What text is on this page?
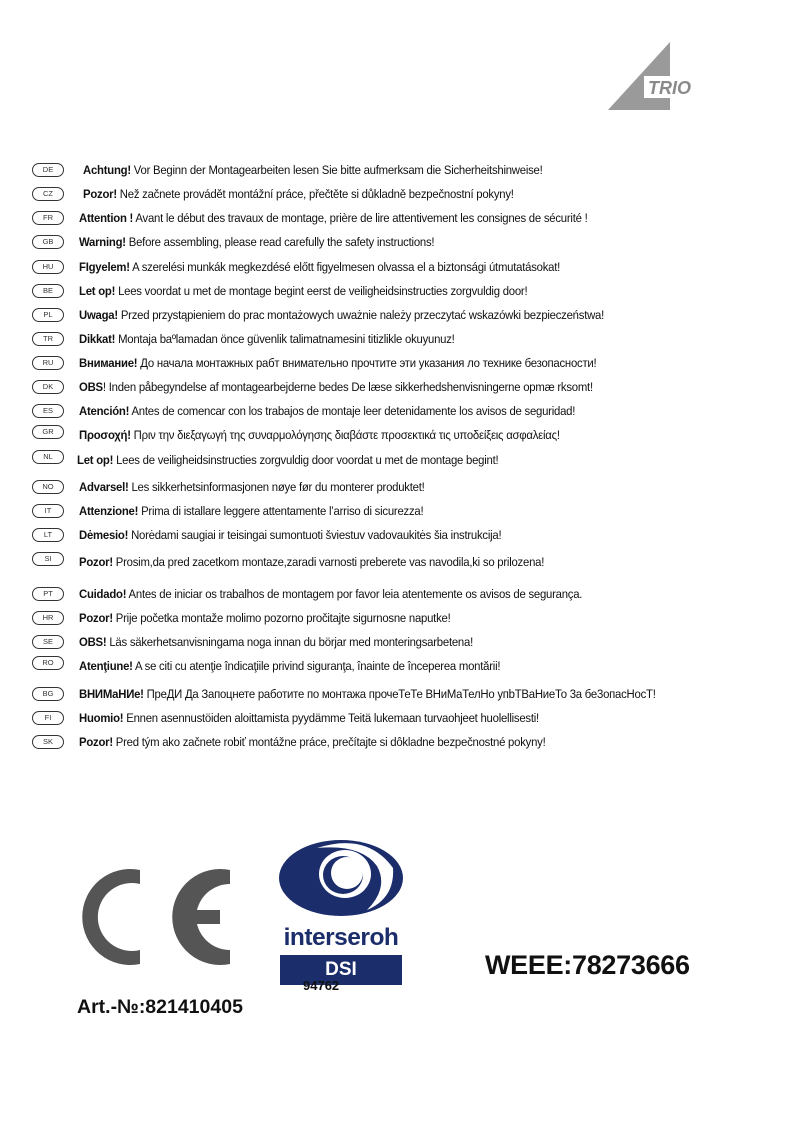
TRIO
DE	Achtung! Vor Beginn der Montagearbeiten lesen Sie bitte aufmerksam die Sicherheitshinweise!
CZ	Pozor! Než začnete provádět montážní práce, přečtěte si důkladně bezpečnostní pokyny!
FR	Attention ! Avant le début des travaux de montage, prière de lire attentivement les consignes de sécurité !
GB	Warning! Before assembling, please read carefully the safety instructions!
HU	FIgyelem! A szerelési munkák megkezdésé előtt figyelmesen olvassa el a biztonsági útmutatásokat!
BE	Let op! Lees voordat u met de montage begint eerst de veiligheidsinstructies zorgvuldig door!
PL	Uwaga! Przed przystąpieniem do prac montażowych uważnie należy przeczytać wskazówki bezpieczeństwa!
TR	Dikkat! Montaja baºlamadan önce güvenlik talimatnamesini titizlikle okuyunuz!
RU	Внимание! До начала монтажных рабт внимательно прочтите эти указания ло технике безопасности!
DK	OBS! Inden påbegyndelse af montagearbejderne bedes De læse sikkerhedshenvisningerne opmæ rksomt!
ES	Atención! Antes de comencar con los trabajos de montaje leer detenidamente los avisos de seguridad!
GR	Προσοχή! Πριν την διεξαγωγή της συναρμολόγησης διαβάστε προσεκτικά τις υποδείξεις ασφαλείας!
NL	Let op! Lees de veiligheidsinstructies zorgvuldig door voordat u met de montage begint!
NO	Advarsel! Les sikkerhetsinformasjonen nøye før du monterer produktet!
IT	Attenzione! Prima di istallare leggere attentamente l’arriso di sicurezza!
LT	Dėmesio! Norėdami saugiai ir teisingai sumontuoti šviestuv vadovaukitės šia instrukcija!
SI	Pozor! Prosim,da pred zacetkom montaze,zaradi varnosti preberete vas navodila,ki so prilozena!
PT	Cuidado! Antes de iniciar os trabalhos de montagem por favor leia atentemente os avisos de segurança.
HR	Pozor! Prije početka montaže molimo pozorno pročitajte sigurnosne naputke!
SE	OBS! Läs säkerhetsanvisningama noga innan du börjar med monteringsarbetena!
RO	Atenţiune! A se citi cu atenţie îndicaţiile privind siguranţa, înainte de începerea montării!
BG	ВНИМаНИе! ПреДИ Да Запоцнете работите по монтажа прочеТеТе ВНиМаТелНо упbТВаНиеТо 3а бе3опасНосТ!
FI	Huomio! Ennen asennustöiden aloittamista pyydämme Teitä lukemaan turvaohjeet huolellisesti!
SK	Pozor! Pred tým ako začnete robiť montážne práce, prečítajte si dôkladne bezpečnostné pokyny!
Art.-№:821410405
interseroh
DSI
94762
WEEE:78273666
